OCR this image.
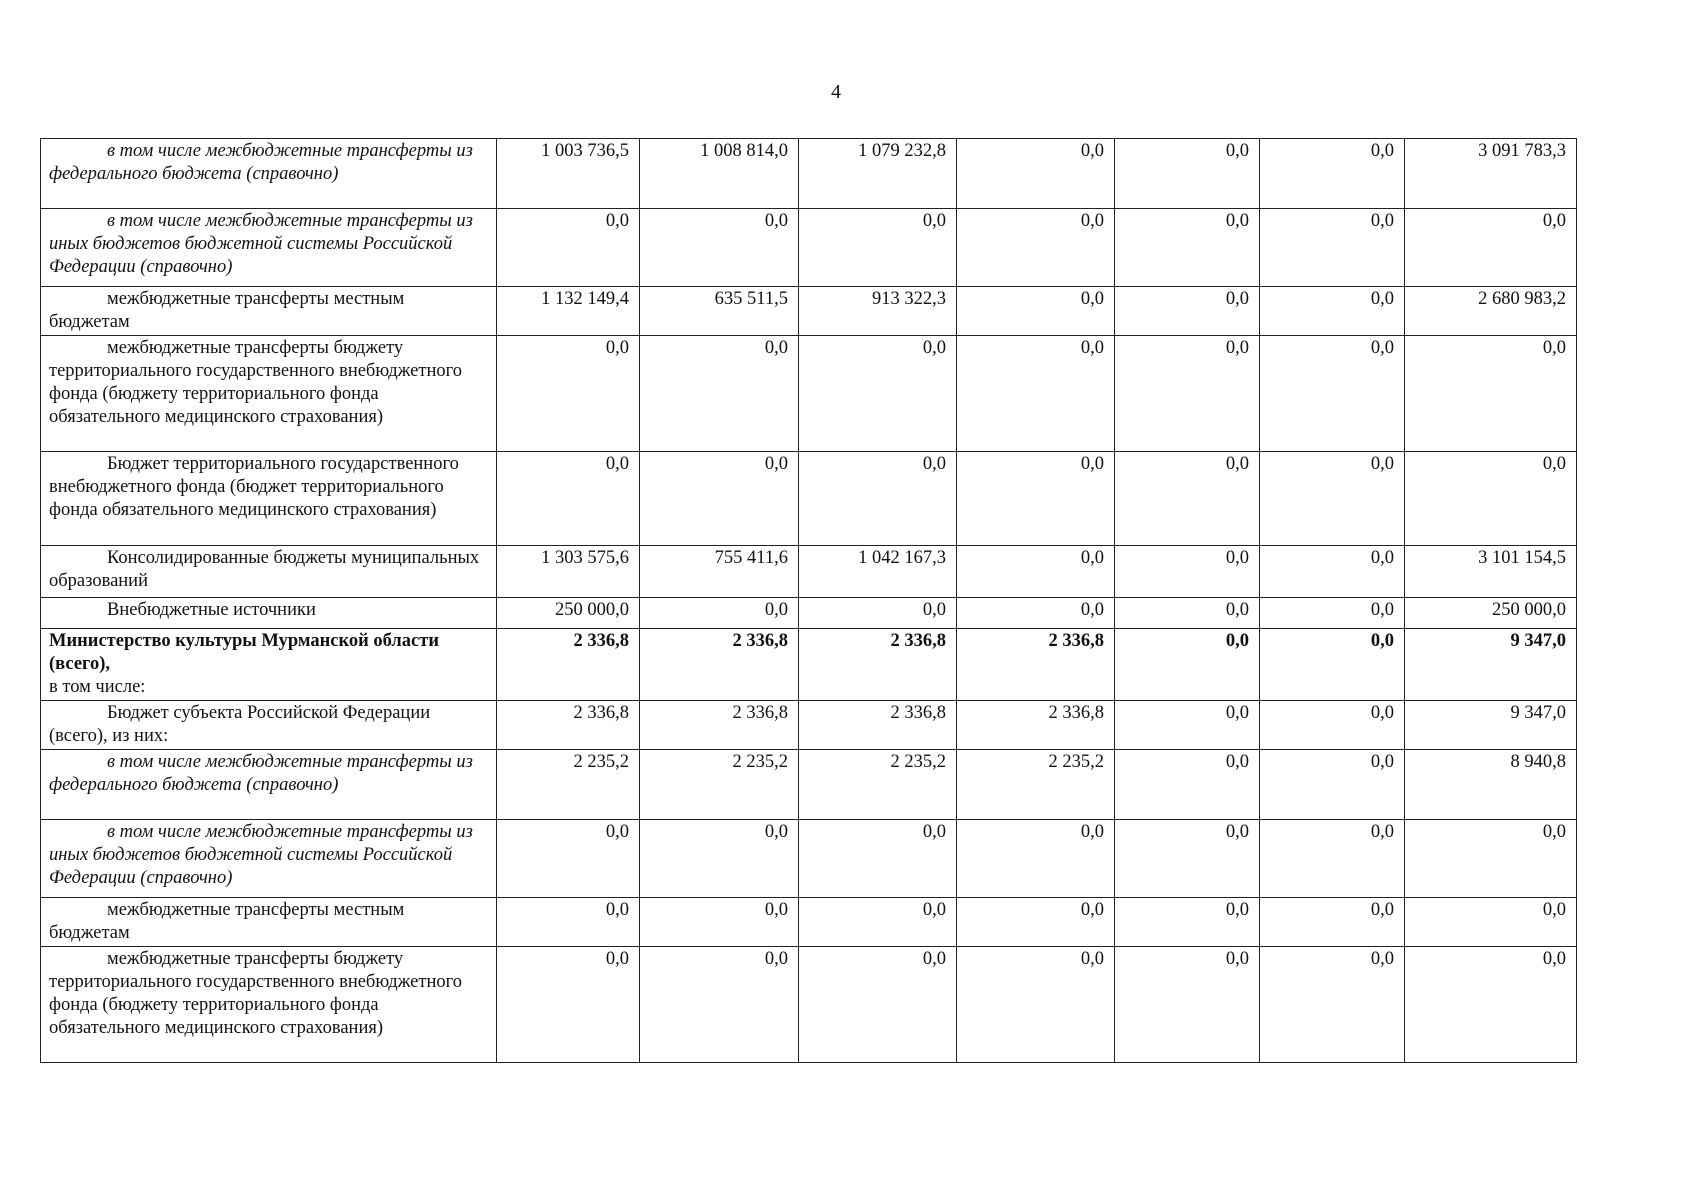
4
в том числе межбюджетные трансферты из федерального бюджета (справочно)	1 003 736,5	1 008 814,0	1 079 232,8	0,0	0,0	0,0	3 091 783,3
в том числе межбюджетные трансферты из иных бюджетов бюджетной системы Российской Федерации (справочно)	0,0	0,0	0,0	0,0	0,0	0,0	0,0
межбюджетные трансферты местным бюджетам	1 132 149,4	635 511,5	913 322,3	0,0	0,0	0,0	2 680 983,2
межбюджетные трансферты бюджету территориального государственного внебюджетного фонда (бюджету территориального фонда обязательного медицинского страхования)	0,0	0,0	0,0	0,0	0,0	0,0	0,0
Бюджет территориального государственного внебюджетного фонда (бюджет территориального фонда обязательного медицинского страхования)	0,0	0,0	0,0	0,0	0,0	0,0	0,0
Консолидированные бюджеты муниципальных образований	1 303 575,6	755 411,6	1 042 167,3	0,0	0,0	0,0	3 101 154,5
Внебюджетные источники	250 000,0	0,0	0,0	0,0	0,0	0,0	250 000,0
Министерство культуры Мурманской области (всего),
в том числе:	2 336,8	2 336,8	2 336,8	2 336,8	0,0	0,0	9 347,0
Бюджет субъекта Российской Федерации (всего), из них:	2 336,8	2 336,8	2 336,8	2 336,8	0,0	0,0	9 347,0
в том числе межбюджетные трансферты из федерального бюджета (справочно)	2 235,2	2 235,2	2 235,2	2 235,2	0,0	0,0	8 940,8
в том числе межбюджетные трансферты из иных бюджетов бюджетной системы Российской Федерации (справочно)	0,0	0,0	0,0	0,0	0,0	0,0	0,0
межбюджетные трансферты местным бюджетам	0,0	0,0	0,0	0,0	0,0	0,0	0,0
межбюджетные трансферты бюджету территориального государственного внебюджетного фонда (бюджету территориального фонда обязательного медицинского страхования)	0,0	0,0	0,0	0,0	0,0	0,0	0,0
